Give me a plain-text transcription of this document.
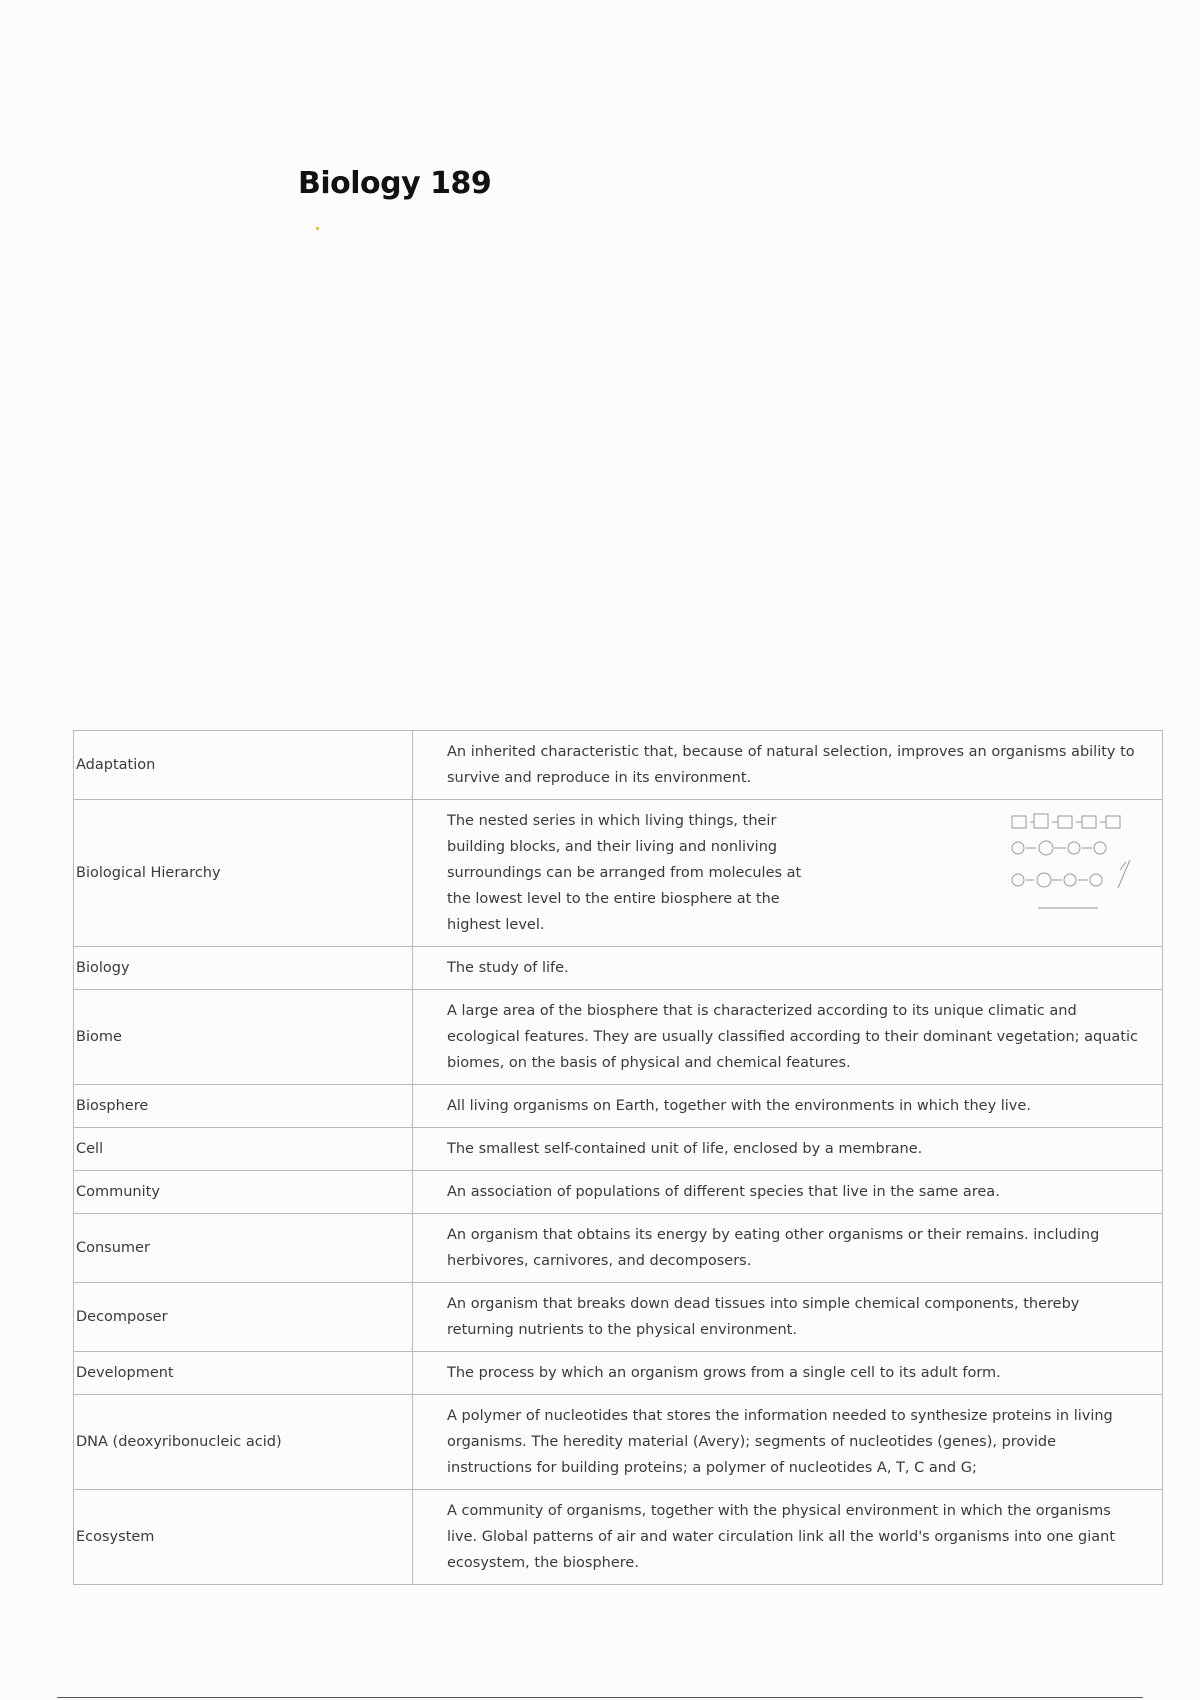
Biology 189
Adaptation	An inherited characteristic that, because of natural selection, improves an organisms ability to survive and reproduce in its environment.
Biological Hierarchy	The nested series in which living things, their building blocks, and their living and nonliving surroundings can be arranged from molecules at the lowest level to the entire biosphere at the highest level.

Biology	The study of life.
Biome	A large area of the biosphere that is characterized according to its unique climatic and ecological features. They are usually classified according to their dominant vegetation; aquatic biomes, on the basis of physical and chemical features.
Biosphere	All living organisms on Earth, together with the environments in which they live.
Cell	The smallest self-contained unit of life, enclosed by a membrane.
Community	An association of populations of different species that live in the same area.
Consumer	An organism that obtains its energy by eating other organisms or their remains. including herbivores, carnivores, and decomposers.
Decomposer	An organism that breaks down dead tissues into simple chemical components, thereby returning nutrients to the physical environment.
Development	The process by which an organism grows from a single cell to its adult form.
DNA (deoxyribonucleic acid)	A polymer of nucleotides that stores the information needed to synthesize proteins in living organisms. The heredity material (Avery); segments of nucleotides (genes), provide instructions for building proteins; a polymer of nucleotides A, T, C and G;
Ecosystem	A community of organisms, together with the physical environment in which the organisms live. Global patterns of air and water circulation link all the world's organisms into one giant ecosystem, the biosphere.
